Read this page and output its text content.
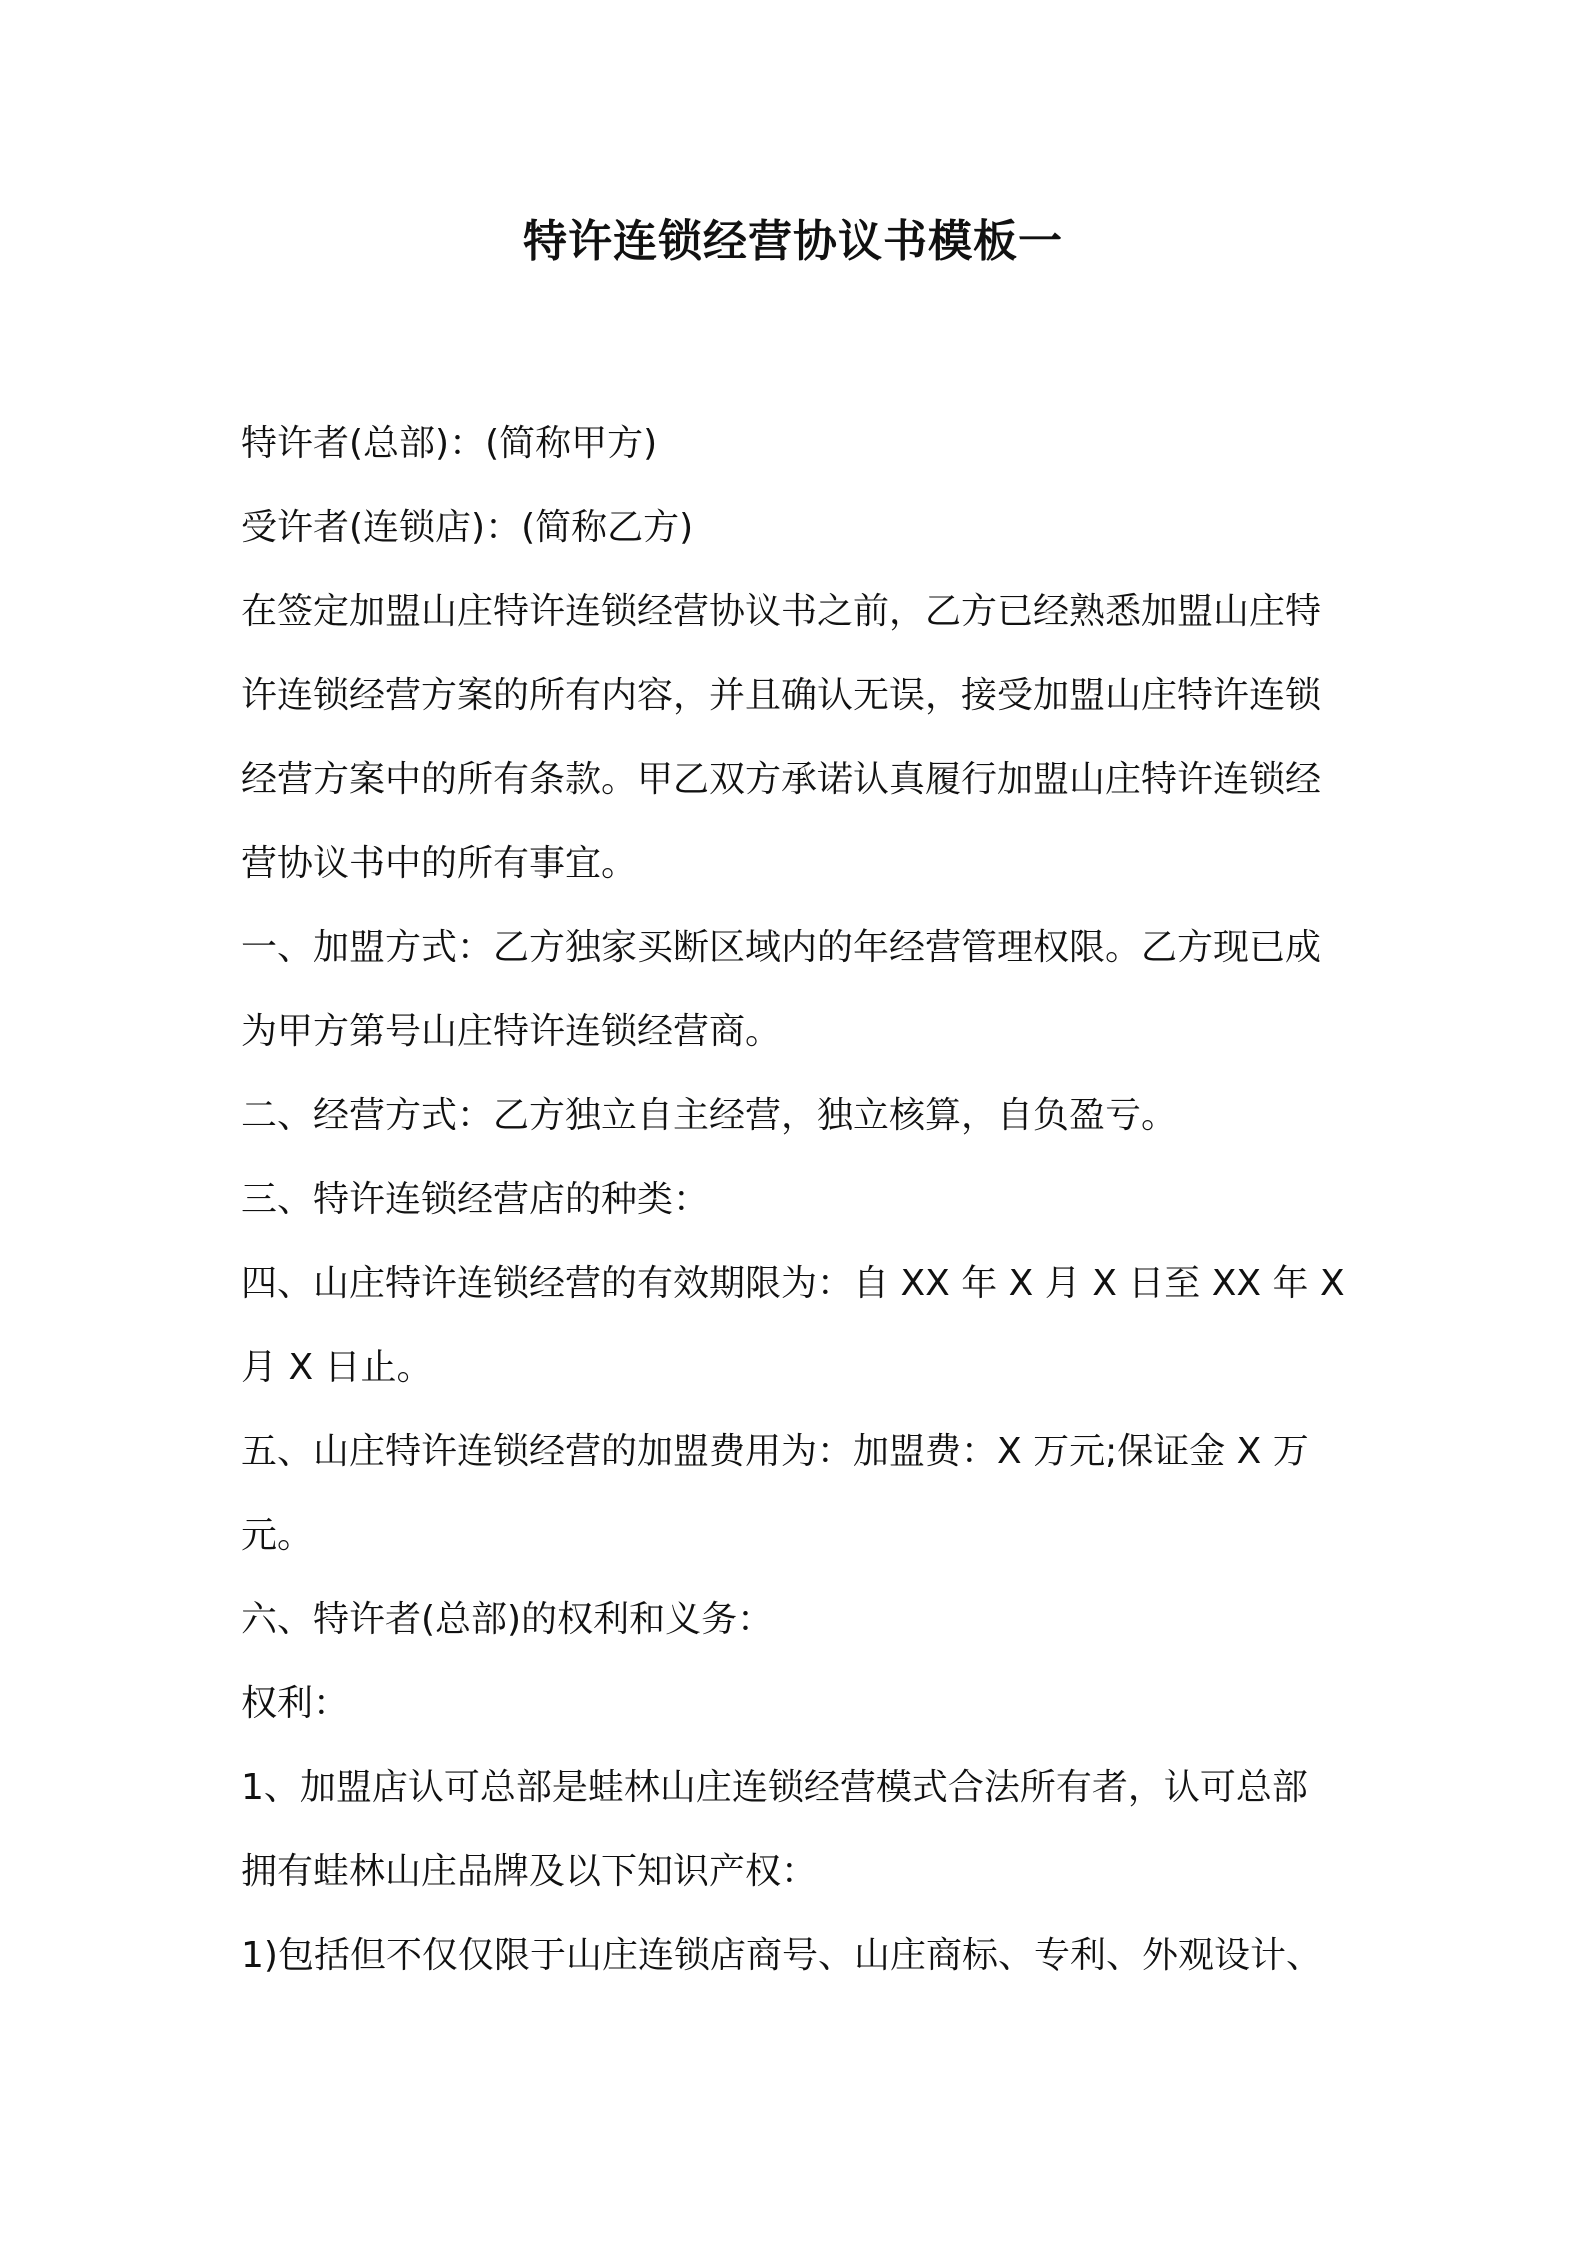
特许连锁经营协议书模板一

特许者(总部)：(简称甲方)

受许者(连锁店)：(简称乙方)

在签定加盟山庄特许连锁经营协议书之前，乙方已经熟悉加盟山庄特

许连锁经营方案的所有内容，并且确认无误，接受加盟山庄特许连锁

经营方案中的所有条款。甲乙双方承诺认真履行加盟山庄特许连锁经

营协议书中的所有事宜。

一、加盟方式：乙方独家买断区域内的年经营管理权限。乙方现已成

为甲方第号山庄特许连锁经营商。

二、经营方式：乙方独立自主经营，独立核算，自负盈亏。

三、特许连锁经营店的种类：

四、山庄特许连锁经营的有效期限为：自 XX 年 X 月 X 日至 XX 年 X

月 X 日止。

五、山庄特许连锁经营的加盟费用为：加盟费：X 万元;保证金 X 万

元。

六、特许者(总部)的权利和义务：

权利：

1、加盟店认可总部是蛙林山庄连锁经营模式合法所有者，认可总部

拥有蛙林山庄品牌及以下知识产权：

1)包括但不仅仅限于山庄连锁店商号、山庄商标、专利、外观设计、
